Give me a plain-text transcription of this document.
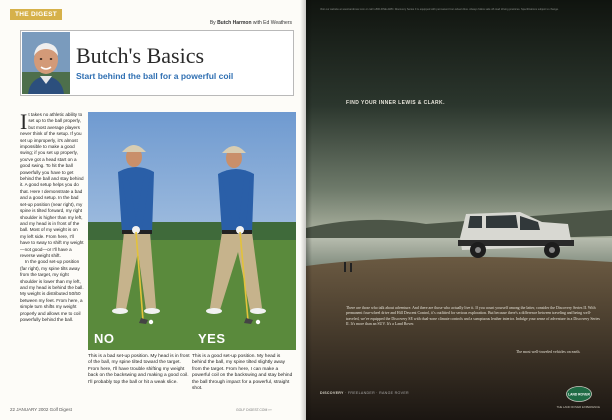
THE DIGEST
By Butch Harmon with Ed Weathers
Butch's Basics
Start behind the ball for a powerful coil

It takes no athletic ability to set up to the ball properly, but most average players never think of the setup. If you set up improperly, it's almost impossible to make a good swing; if you set up properly, you've got a head start on a good swing. To hit the ball powerfully you have to get behind the ball and stay behind it. A good setup helps you do that. Here I demonstrate a bad and a good setup. In the bad set-up position (near right), my spine is tilted forward, my right shoulder is higher than my left, and my head is in front of the ball. Most of my weight is on my left side. From here, I'll have to sway to shift my weight—not good—or I'll have a reverse weight shift.

In the good set-up position (far right), my spine tilts away from the target, my right shoulder is lower than my left, and my head is behind the ball. My weight is distributed 50/50 between my feet. From here, a simple turn shifts my weight properly and allows me to coil powerfully behind the ball.

NO	YES
This is a bad set-up position. My head is in front of the ball, my spine tilted toward the target. From here, I'll have trouble shifting my weight back on the backswing and making a good coil. I'll probably top the ball or hit a weak slice.
This is a good set-up position. My head is behind the ball, my spine tilted slightly away from the target. From here, I can make a powerful coil on the backswing and stay behind the ball through impact for a powerful, straight shot.
22 JANUARY 2002 Golf Digest	GOLF DIGEST.COM ›››
Visit our website at www.landrover.com or call 1-800-FINE-4WD. Discovery Series II is equipped with permanent four-wheel drive. Always follow safe off-road driving practices. Specifications subject to change.
FIND YOUR INNER LEWIS & CLARK.
There are those who talk about adventure. And there are those who actually live it. If you count yourself among the latter, consider the Discovery Series II. With permanent four-wheel drive and Hill Descent Control, it's outfitted for serious exploration. But because there's a difference between traveling and being well-traveled, we've equipped the Discovery SE with dual-zone climate controls and a sumptuous leather interior. Indulge your sense of adventure in a Discovery Series II. It's more than an SUV. It's a Land Rover.
The most well-traveled vehicles on earth.
DISCOVERY · FREELANDER · RANGE ROVER
THE LAND ROVER EXPERIENCE
LAND ROVER
